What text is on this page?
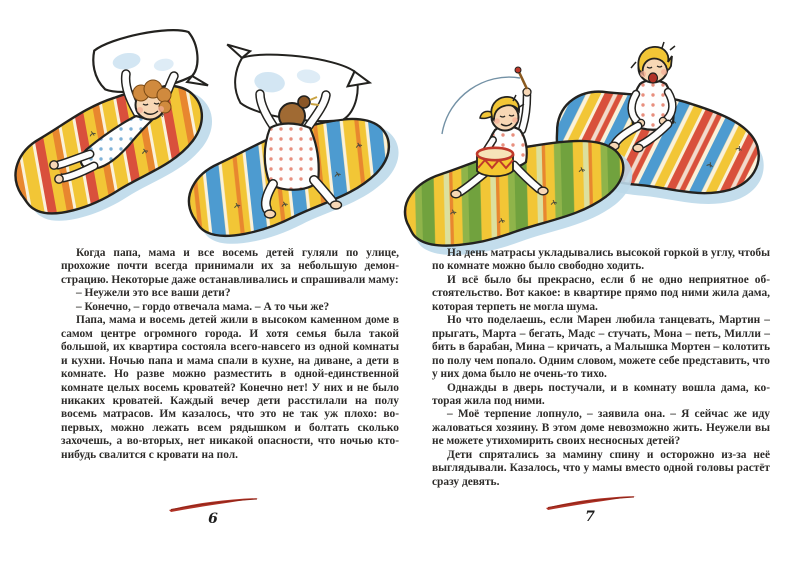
Когда папа, мама и все восемь детей гуляли по улице, прохожие почти всегда принимали их за небольшую демонстрацию. Некоторые даже останавливались и спрашивали маму:

– Неужели это все ваши дети?

– Конечно, – гордо отвечала мама. – А то чьи же?

Папа, мама и восемь детей жили в высоком каменном доме в самом центре огромного города. И хотя семья была такой большой, их квартира состояла всего-навсего из одной комнаты и кухни. Ночью папа и мама спали в кухне, на диване, а дети в комнате. Но разве можно разместить в одной-единственной комнате целых восемь кроватей? Конечно нет! У них и не было никаких кроватей. Каждый вечер дети расстилали на полу восемь матрасов. Им казалось, что это не так уж плохо: во-первых, можно лежать всем рядышком и болтать сколько захочешь, а во-вторых, нет никакой опасности, что ночью кто-нибудь свалится с кровати на пол.

6

На день матрасы укладывались высокой горкой в углу, чтобы по комнате можно было свободно ходить.

И всё было бы прекрасно, если б не одно неприятное обстоятельство. Вот какое: в квартире прямо под ними жила дама, которая терпеть не могла шума.

Но что поделаешь, если Марен любила танцевать, Мартин – прыгать, Марта – бегать, Мадс – стучать, Мона – петь, Милли – бить в барабан, Мина – кричать, а Малышка Мортен – колотить по полу чем попало. Одним словом, можете себе представить, что у них дома было не очень-то тихо.

Однажды в дверь постучали, и в комнату вошла дама, которая жила под ними.

– Моё терпение лопнуло, – заявила она. – Я сейчас же иду жаловаться хозяину. В этом доме невозможно жить. Неужели вы не можете утихомирить своих несносных детей?

Дети спрятались за мамину спину и осторожно из-за неё выглядывали. Казалось, что у мамы вместо одной головы растёт сразу девять.

7
